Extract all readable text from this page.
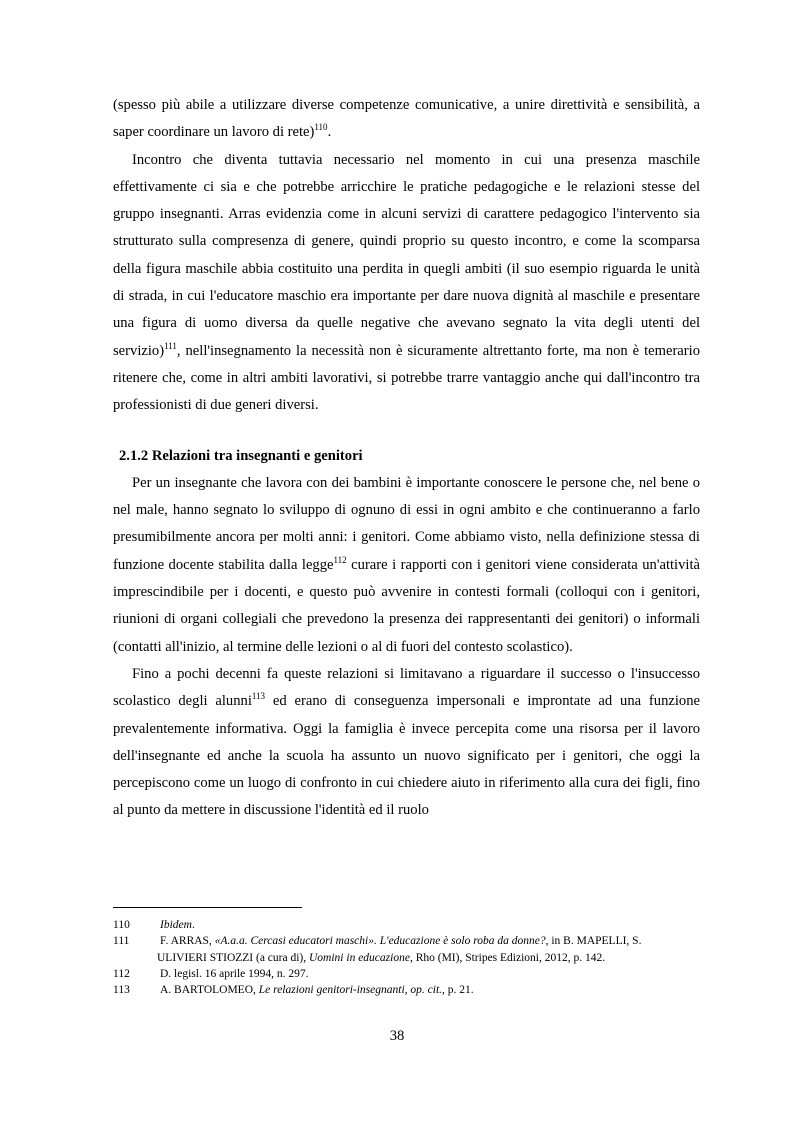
(spesso più abile a utilizzare diverse competenze comunicative, a unire direttività e sensibilità, a saper coordinare un lavoro di rete)$^{110}$.

Incontro che diventa tuttavia necessario nel momento in cui una presenza maschile effettivamente ci sia e che potrebbe arricchire le pratiche pedagogiche e le relazioni stesse del gruppo insegnanti. Arras evidenzia come in alcuni servizi di carattere pedagogico l'intervento sia strutturato sulla compresenza di genere, quindi proprio su questo incontro, e come la scomparsa della figura maschile abbia costituito una perdita in quegli ambiti (il suo esempio riguarda le unità di strada, in cui l'educatore maschio era importante per dare nuova dignità al maschile e presentare una figura di uomo diversa da quelle negative che avevano segnato la vita degli utenti del servizio)$^{111}$, nell'insegnamento la necessità non è sicuramente altrettanto forte, ma non è temerario ritenere che, come in altri ambiti lavorativi, si potrebbe trarre vantaggio anche qui dall'incontro tra professionisti di due generi diversi.

2.1.2 Relazioni tra insegnanti e genitori

Per un insegnante che lavora con dei bambini è importante conoscere le persone che, nel bene o nel male, hanno segnato lo sviluppo di ognuno di essi in ogni ambito e che continueranno a farlo presumibilmente ancora per molti anni: i genitori. Come abbiamo visto, nella definizione stessa di funzione docente stabilita dalla legge$^{112}$ curare i rapporti con i genitori viene considerata un'attività imprescindibile per i docenti, e questo può avvenire in contesti formali (colloqui con i genitori, riunioni di organi collegiali che prevedono la presenza dei rappresentanti dei genitori) o informali (contatti all'inizio, al termine delle lezioni o al di fuori del contesto scolastico).

Fino a pochi decenni fa queste relazioni si limitavano a riguardare il successo o l'insuccesso scolastico degli alunni$^{113}$ ed erano di conseguenza impersonali e improntate ad una funzione prevalentemente informativa. Oggi la famiglia è invece percepita come una risorsa per il lavoro dell'insegnante ed anche la scuola ha assunto un nuovo significato per i genitori, che oggi la percepiscono come un luogo di confronto in cui chiedere aiuto in riferimento alla cura dei figli, fino al punto da mettere in discussione l'identità ed il ruolo

110	Ibidem.
111	F. ARRAS, «A.a.a. Cercasi educatori maschi». L'educazione è solo roba da donne?, in B. MAPELLI, S. ULIVIERI STIOZZI (a cura di), Uomini in educazione, Rho (MI), Stripes Edizioni, 2012, p. 142.
112	D. legisl. 16 aprile 1994, n. 297.
113	A. BARTOLOMEO, Le relazioni genitori-insegnanti, op. cit., p. 21.
38
